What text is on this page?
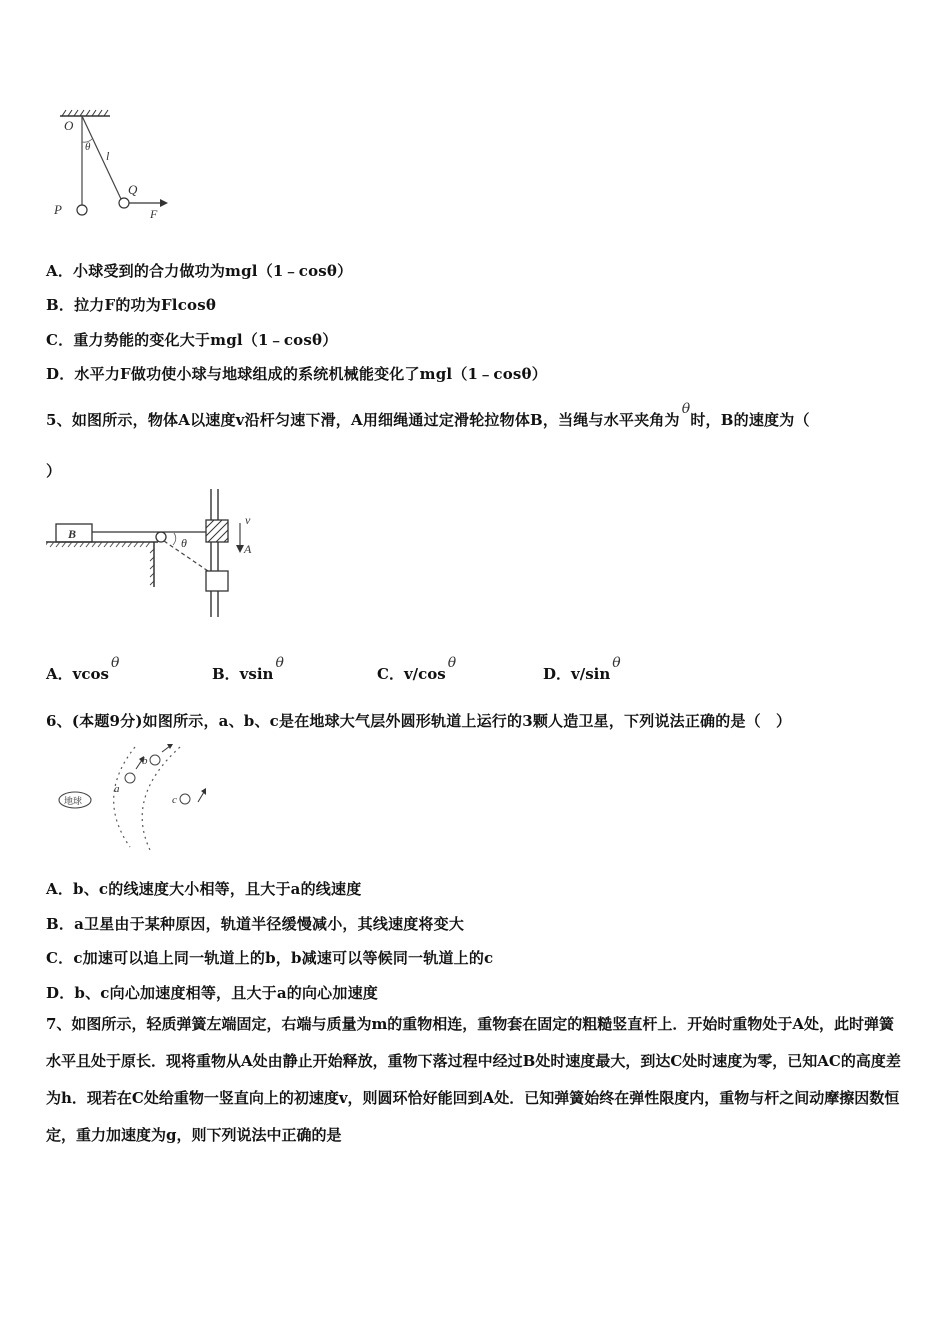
O
θ
l
Q
P	F
A．小球受到的合力做功为mgl（1﹣cosθ）
B．拉力F的功为Flcosθ
C．重力势能的变化大于mgl（1﹣cosθ）
D．水平力F做功使小球与地球组成的系统机械能变化了mgl（1﹣cosθ）
5、如图所示，物体A以速度v沿杆匀速下滑，A用细绳通过定滑轮拉物体B，当绳与水平夹角为θ时，B的速度为（
）
B
θ
v
A
A．vcosθ
B．vsinθ
C．v/cosθ
D．v/sinθ
6、(本题9分)如图所示，a、b、c是在地球大气层外圆形轨道上运行的3颗人造卫星，下列说法正确的是（　）
地球
a
b
c
A．b、c的线速度大小相等，且大于a的线速度
B．a卫星由于某种原因，轨道半径缓慢减小，其线速度将变大
C．c加速可以追上同一轨道上的b，b减速可以等候同一轨道上的c
D．b、c向心加速度相等，且大于a的向心加速度
7、如图所示，轻质弹簧左端固定，右端与质量为m的重物相连，重物套在固定的粗糙竖直杆上．开始时重物处于A处，此时弹簧水平且处于原长．现将重物从A处由静止开始释放，重物下落过程中经过B处时速度最大，到达C处时速度为零，已知AC的高度差为h．现若在C处给重物一竖直向上的初速度v，则圆环恰好能回到A处．已知弹簧始终在弹性限度内，重物与杆之间动摩擦因数恒定，重力加速度为g，则下列说法中正确的是
